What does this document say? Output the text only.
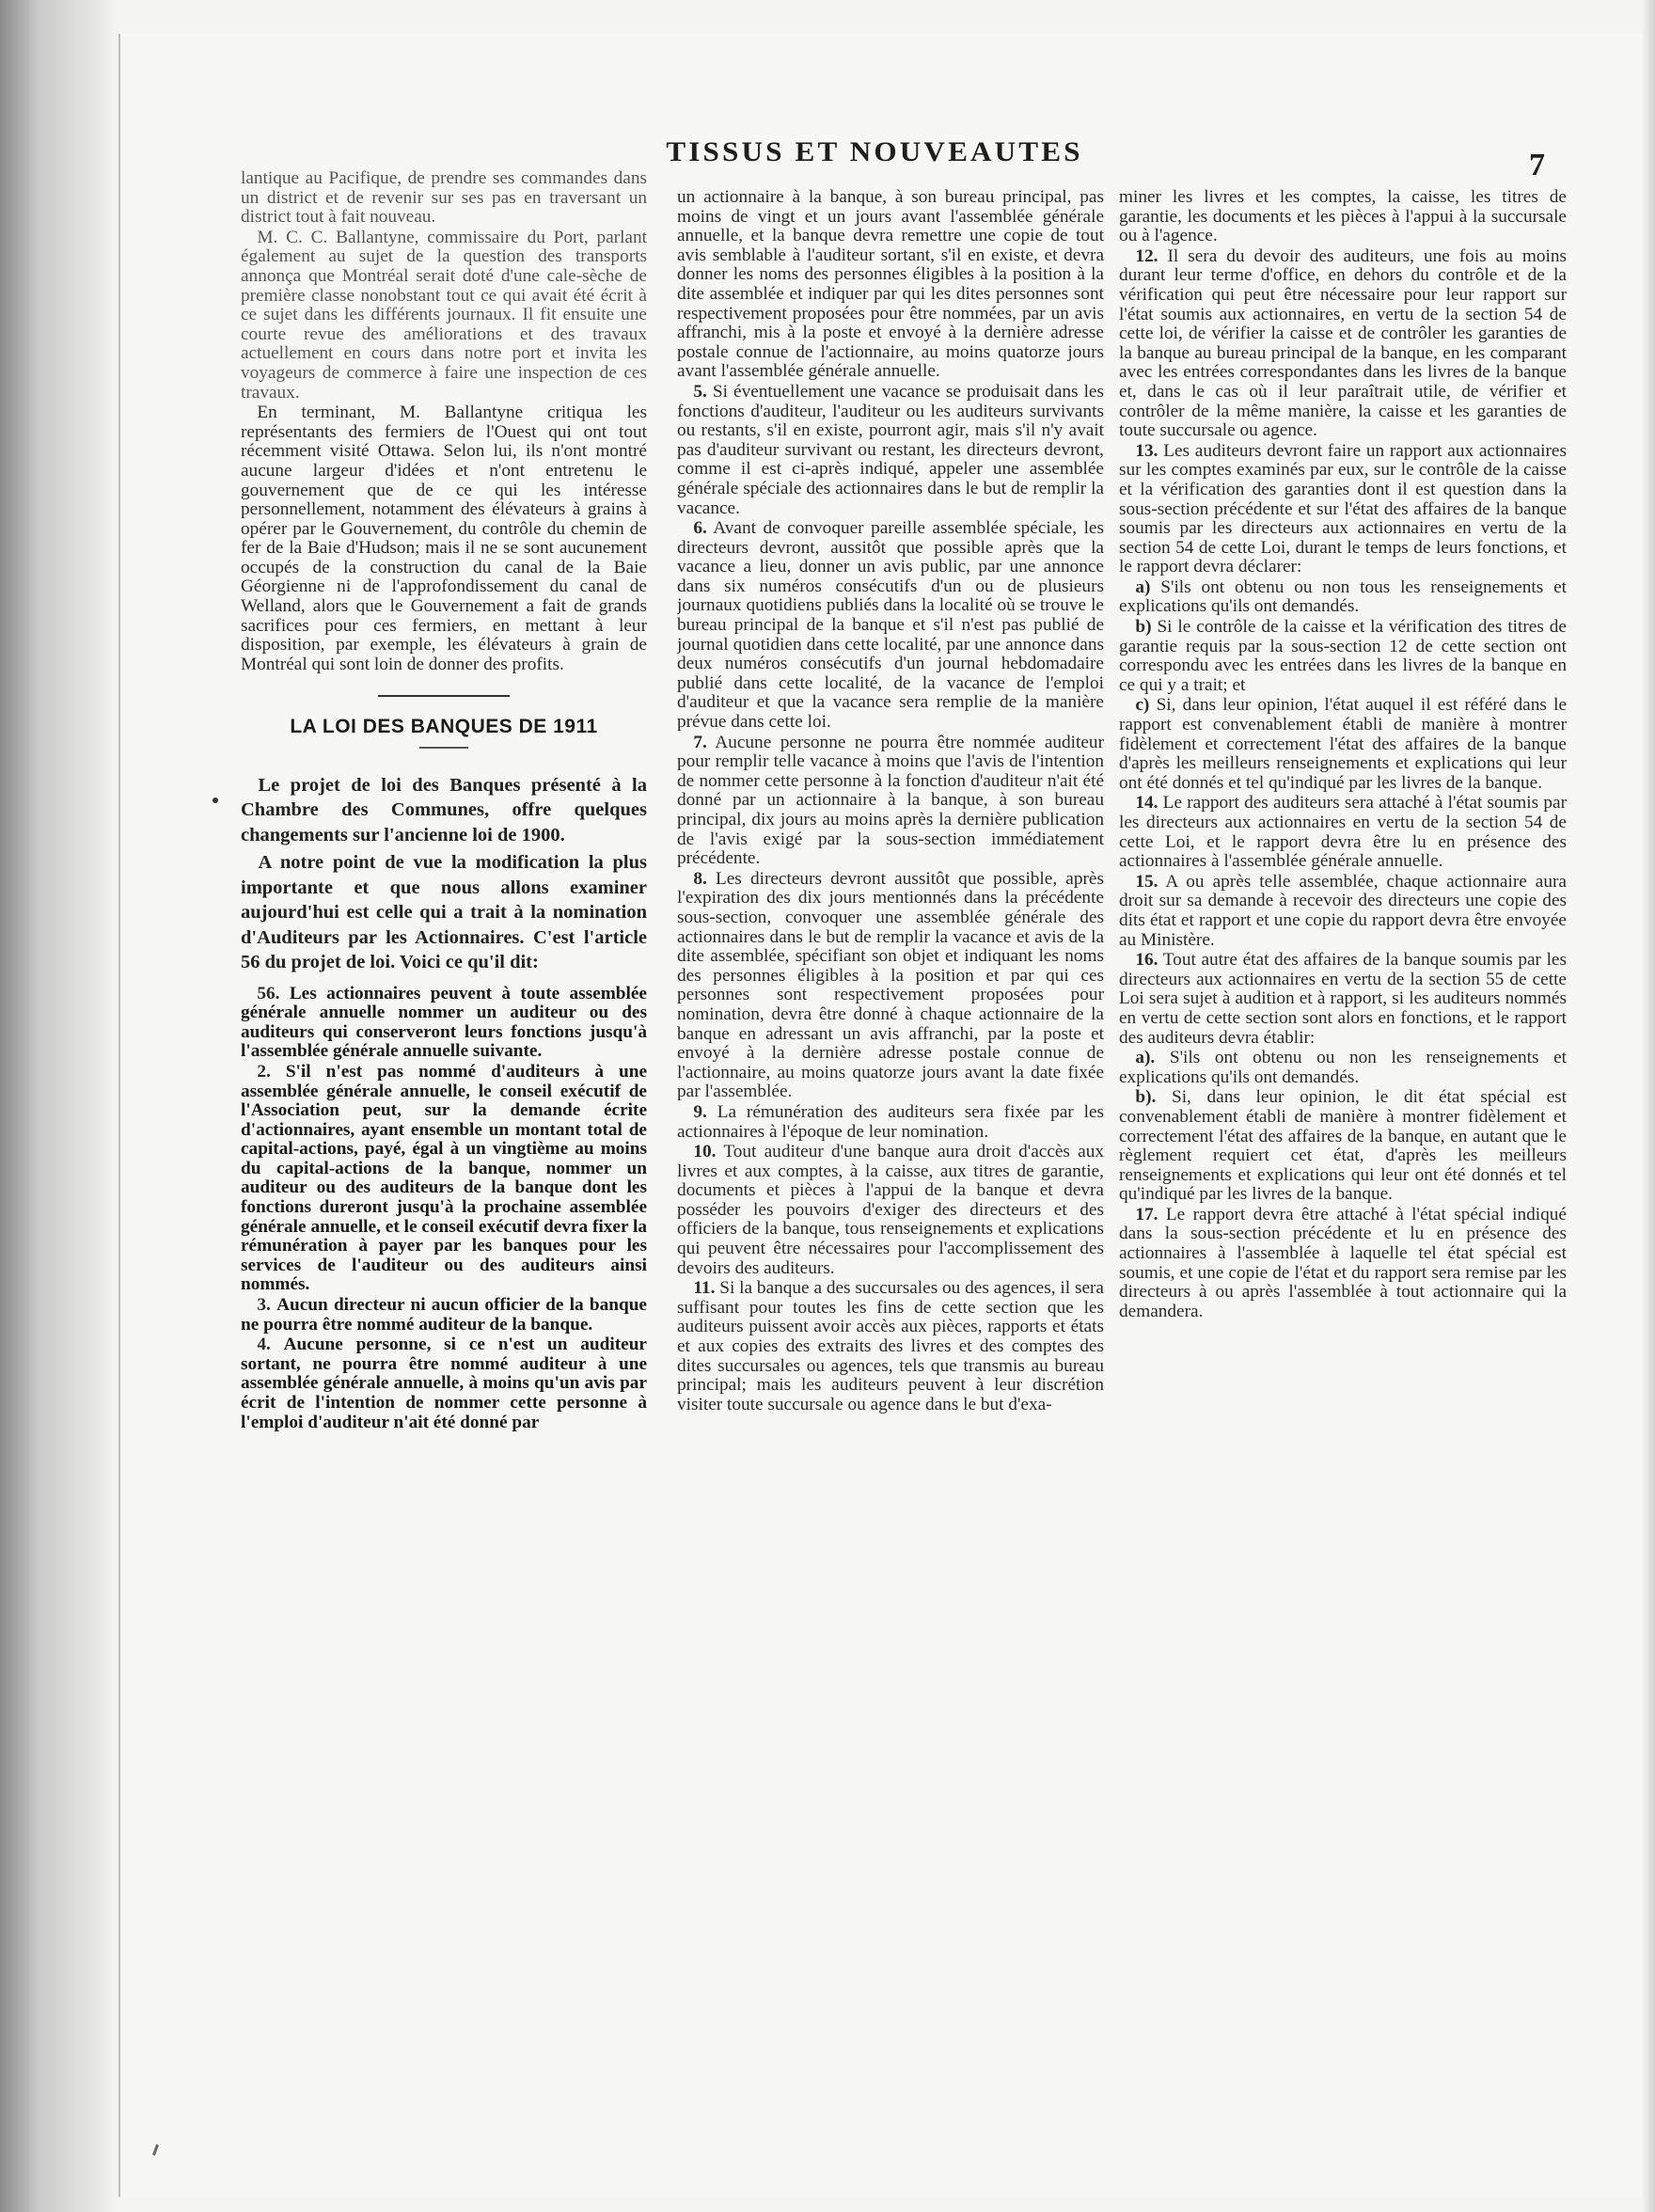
TISSUS ET NOUVEAUTES	7

lantique au Pacifique, de prendre ses commandes dans un district et de revenir sur ses pas en traversant un district tout à fait nouveau.

M. C. C. Ballantyne, commissaire du Port, parlant également au sujet de la question des transports annonça que Montréal serait doté d'une cale-sèche de première classe nonobstant tout ce qui avait été écrit à ce sujet dans les différents journaux. Il fit ensuite une courte revue des améliorations et des travaux actuellement en cours dans notre port et invita les voyageurs de commerce à faire une inspection de ces travaux.

En terminant, M. Ballantyne critiqua les représentants des fermiers de l'Ouest qui ont tout récemment visité Ottawa. Selon lui, ils n'ont montré aucune largeur d'idées et n'ont entretenu le gouvernement que de ce qui les intéresse personnellement, notamment des élévateurs à grains à opérer par le Gouvernement, du contrôle du chemin de fer de la Baie d'Hudson; mais il ne se sont aucunement occupés de la construction du canal de la Baie Géorgienne ni de l'approfondissement du canal de Welland, alors que le Gouvernement a fait de grands sacrifices pour ces fermiers, en mettant à leur disposition, par exemple, les élévateurs à grain de Montréal qui sont loin de donner des profits.

LA LOI DES BANQUES DE 1911

Le projet de loi des Banques présenté à la Chambre des Communes, offre quelques changements sur l'ancienne loi de 1900.

A notre point de vue la modification la plus importante et que nous allons examiner aujourd'hui est celle qui a trait à la nomination d'Auditeurs par les Actionnaires. C'est l'article 56 du projet de loi. Voici ce qu'il dit:

56. Les actionnaires peuvent à toute assemblée générale annuelle nommer un auditeur ou des auditeurs qui conserveront leurs fonctions jusqu'à l'assemblée générale annuelle suivante.

2. S'il n'est pas nommé d'auditeurs à une assemblée générale annuelle, le conseil exécutif de l'Association peut, sur la demande écrite d'actionnaires, ayant ensemble un montant total de capital-actions, payé, égal à un vingtième au moins du capital-actions de la banque, nommer un auditeur ou des auditeurs de la banque dont les fonctions dureront jusqu'à la prochaine assemblée générale annuelle, et le conseil exécutif devra fixer la rémunération à payer par les banques pour les services de l'auditeur ou des auditeurs ainsi nommés.

3. Aucun directeur ni aucun officier de la banque ne pourra être nommé auditeur de la banque.

4. Aucune personne, si ce n'est un auditeur sortant, ne pourra être nommé auditeur à une assemblée générale annuelle, à moins qu'un avis par écrit de l'intention de nommer cette personne à l'emploi d'auditeur n'ait été donné par

un actionnaire à la banque, à son bureau principal, pas moins de vingt et un jours avant l'assemblée générale annuelle, et la banque devra remettre une copie de tout avis semblable à l'auditeur sortant, s'il en existe, et devra donner les noms des personnes éligibles à la position à la dite assemblée et indiquer par qui les dites personnes sont respectivement proposées pour être nommées, par un avis affranchi, mis à la poste et envoyé à la dernière adresse postale connue de l'actionnaire, au moins quatorze jours avant l'assemblée générale annuelle.

5. Si éventuellement une vacance se produisait dans les fonctions d'auditeur, l'auditeur ou les auditeurs survivants ou restants, s'il en existe, pourront agir, mais s'il n'y avait pas d'auditeur survivant ou restant, les directeurs devront, comme il est ci-après indiqué, appeler une assemblée générale spéciale des actionnaires dans le but de remplir la vacance.

6. Avant de convoquer pareille assemblée spéciale, les directeurs devront, aussitôt que possible après que la vacance a lieu, donner un avis public, par une annonce dans six numéros consécutifs d'un ou de plusieurs journaux quotidiens publiés dans la localité où se trouve le bureau principal de la banque et s'il n'est pas publié de journal quotidien dans cette localité, par une annonce dans deux numéros consécutifs d'un journal hebdomadaire publié dans cette localité, de la vacance de l'emploi d'auditeur et que la vacance sera remplie de la manière prévue dans cette loi.

7. Aucune personne ne pourra être nommée auditeur pour remplir telle vacance à moins que l'avis de l'intention de nommer cette personne à la fonction d'auditeur n'ait été donné par un actionnaire à la banque, à son bureau principal, dix jours au moins après la dernière publication de l'avis exigé par la sous-section immédiatement précédente.

8. Les directeurs devront aussitôt que possible, après l'expiration des dix jours mentionnés dans la précédente sous-section, convoquer une assemblée générale des actionnaires dans le but de remplir la vacance et avis de la dite assemblée, spécifiant son objet et indiquant les noms des personnes éligibles à la position et par qui ces personnes sont respectivement proposées pour nomination, devra être donné à chaque actionnaire de la banque en adressant un avis affranchi, par la poste et envoyé à la dernière adresse postale connue de l'actionnaire, au moins quatorze jours avant la date fixée par l'assemblée.

9. La rémunération des auditeurs sera fixée par les actionnaires à l'époque de leur nomination.

10. Tout auditeur d'une banque aura droit d'accès aux livres et aux comptes, à la caisse, aux titres de garantie, documents et pièces à l'appui de la banque et devra posséder les pouvoirs d'exiger des directeurs et des officiers de la banque, tous renseignements et explications qui peuvent être nécessaires pour l'accomplissement des devoirs des auditeurs.

11. Si la banque a des succursales ou des agences, il sera suffisant pour toutes les fins de cette section que les auditeurs puissent avoir accès aux pièces, rapports et états et aux copies des extraits des livres et des comptes des dites succursales ou agences, tels que transmis au bureau principal; mais les auditeurs peuvent à leur discrétion visiter toute succursale ou agence dans le but d'exa-

miner les livres et les comptes, la caisse, les titres de garantie, les documents et les pièces à l'appui à la succursale ou à l'agence.

12. Il sera du devoir des auditeurs, une fois au moins durant leur terme d'office, en dehors du contrôle et de la vérification qui peut être nécessaire pour leur rapport sur l'état soumis aux actionnaires, en vertu de la section 54 de cette loi, de vérifier la caisse et de contrôler les garanties de la banque au bureau principal de la banque, en les comparant avec les entrées correspondantes dans les livres de la banque et, dans le cas où il leur paraîtrait utile, de vérifier et contrôler de la même manière, la caisse et les garanties de toute succursale ou agence.

13. Les auditeurs devront faire un rapport aux actionnaires sur les comptes examinés par eux, sur le contrôle de la caisse et la vérification des garanties dont il est question dans la sous-section précédente et sur l'état des affaires de la banque soumis par les directeurs aux actionnaires en vertu de la section 54 de cette Loi, durant le temps de leurs fonctions, et le rapport devra déclarer:

a) S'ils ont obtenu ou non tous les renseignements et explications qu'ils ont demandés.

b) Si le contrôle de la caisse et la vérification des titres de garantie requis par la sous-section 12 de cette section ont correspondu avec les entrées dans les livres de la banque en ce qui y a trait; et

c) Si, dans leur opinion, l'état auquel il est référé dans le rapport est convenablement établi de manière à montrer fidèlement et correctement l'état des affaires de la banque d'après les meilleurs renseignements et explications qui leur ont été donnés et tel qu'indiqué par les livres de la banque.

14. Le rapport des auditeurs sera attaché à l'état soumis par les directeurs aux actionnaires en vertu de la section 54 de cette Loi, et le rapport devra être lu en présence des actionnaires à l'assemblée générale annuelle.

15. A ou après telle assemblée, chaque actionnaire aura droit sur sa demande à recevoir des directeurs une copie des dits état et rapport et une copie du rapport devra être envoyée au Ministère.

16. Tout autre état des affaires de la banque soumis par les directeurs aux actionnaires en vertu de la section 55 de cette Loi sera sujet à audition et à rapport, si les auditeurs nommés en vertu de cette section sont alors en fonctions, et le rapport des auditeurs devra établir:

a). S'ils ont obtenu ou non les renseignements et explications qu'ils ont demandés.

b). Si, dans leur opinion, le dit état spécial est convenablement établi de manière à montrer fidèlement et correctement l'état des affaires de la banque, en autant que le règlement requiert cet état, d'après les meilleurs renseignements et explications qui leur ont été donnés et tel qu'indiqué par les livres de la banque.

17. Le rapport devra être attaché à l'état spécial indiqué dans la sous-section précédente et lu en présence des actionnaires à l'assemblée à laquelle tel état spécial est soumis, et une copie de l'état et du rapport sera remise par les directeurs à ou après l'assemblée à tout actionnaire qui la demandera.
